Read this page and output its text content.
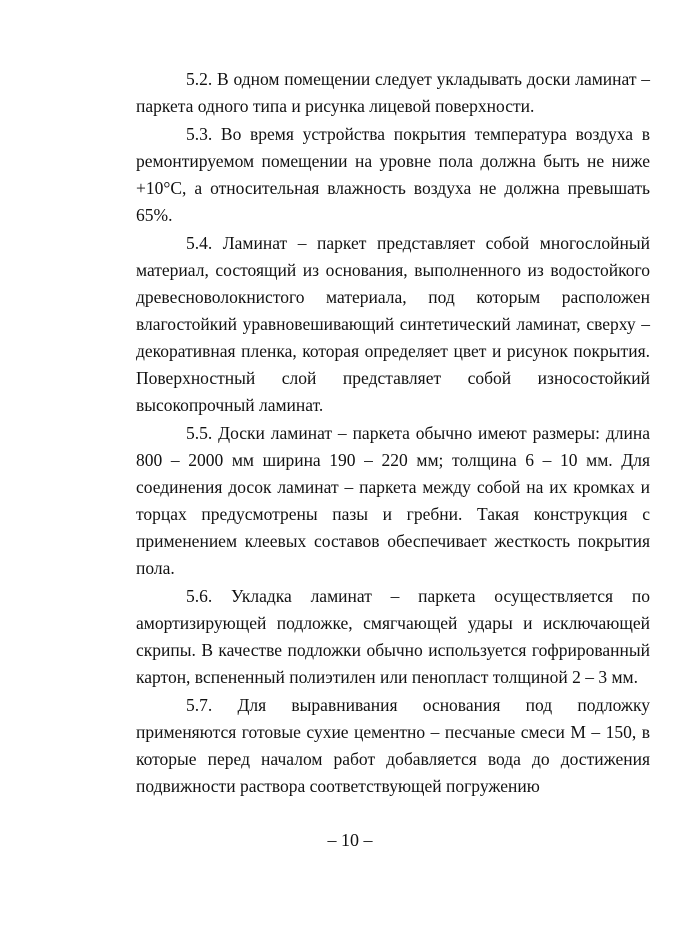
5.2. В одном помещении следует укладывать доски ламинат – паркета одного типа и рисунка лицевой поверхности.

5.3. Во время устройства покрытия температура воздуха в ремонтируемом помещении на уровне пола должна быть не ниже +10°С, а относительная влажность воздуха не должна превышать 65%.

5.4. Ламинат – паркет представляет собой многослойный материал, состоящий из основания, выполненного из водостойкого древесноволокнистого материала, под которым расположен влагостойкий уравновешивающий синтетический ламинат, сверху – декоративная пленка, которая определяет цвет и рисунок покрытия. Поверхностный слой представляет собой износостойкий высокопрочный ламинат.

5.5. Доски ламинат – паркета обычно имеют размеры: длина 800 – 2000 мм ширина 190 – 220 мм; толщина 6 – 10 мм. Для соединения досок ламинат – паркета между собой на их кромках и торцах предусмотрены пазы и гребни. Такая конструкция с применением клеевых составов обеспечивает жесткость покрытия пола.

5.6. Укладка ламинат – паркета осуществляется по амортизирующей подложке, смягчающей удары и исключающей скрипы. В качестве подложки обычно используется гофрированный картон, вспененный полиэтилен или пенопласт толщиной 2 – 3 мм.

5.7. Для выравнивания основания под подложку применяются готовые сухие цементно – песчаные смеси М – 150, в которые перед началом работ добавляется вода до достижения подвижности раствора соответствующей погружению

– 10 –
